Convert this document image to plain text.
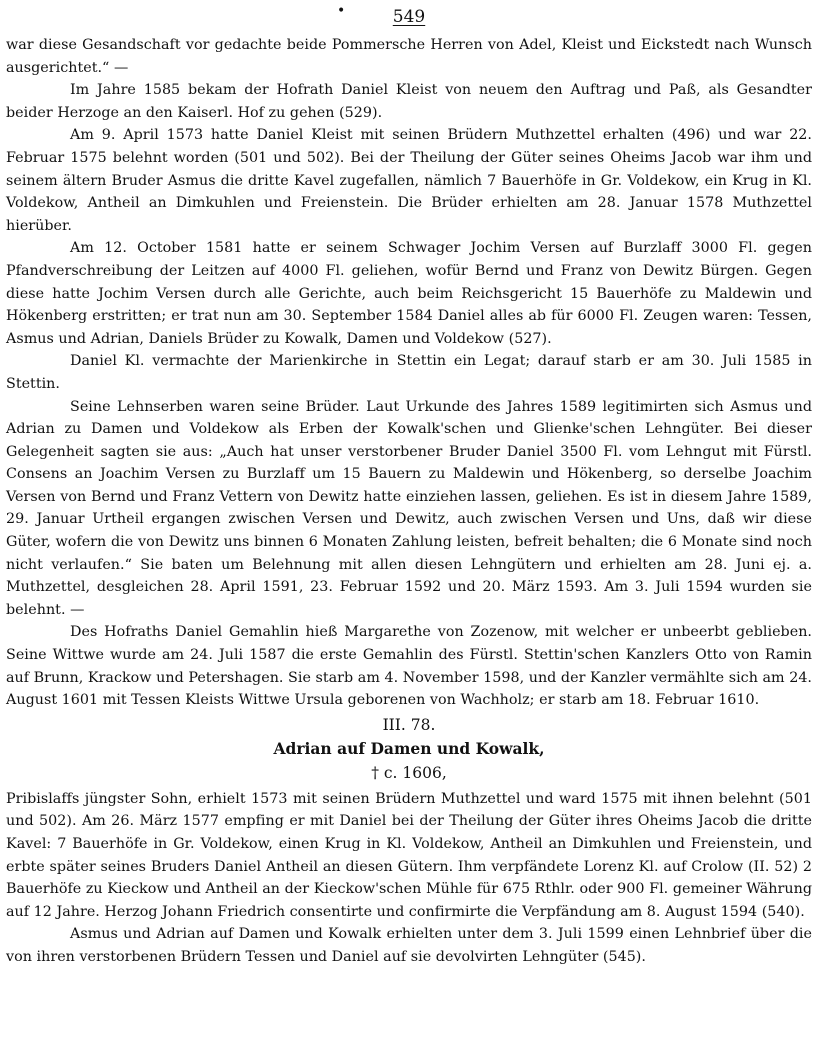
•	549

war diese Gesandschaft vor gedachte beide Pommersche Herren von Adel, Kleist und Eickstedt nach Wunsch ausgerichtet.“ —

Im Jahre 1585 bekam der Hofrath Daniel Kleist von neuem den Auftrag und Paß, als Gesandter beider Herzoge an den Kaiserl. Hof zu gehen (529).

Am 9. April 1573 hatte Daniel Kleist mit seinen Brüdern Muthzettel erhalten (496) und war 22. Februar 1575 belehnt worden (501 und 502). Bei der Theilung der Güter seines Oheims Jacob war ihm und seinem ältern Bruder Asmus die dritte Kavel zugefallen, nämlich 7 Bauerhöfe in Gr. Voldekow, ein Krug in Kl. Voldekow, Antheil an Dimkuhlen und Freienstein. Die Brüder erhielten am 28. Januar 1578 Muthzettel hierüber.

Am 12. October 1581 hatte er seinem Schwager Jochim Versen auf Burzlaff 3000 Fl. gegen Pfandverschreibung der Leitzen auf 4000 Fl. geliehen, wofür Bernd und Franz von Dewitz Bürgen. Gegen diese hatte Jochim Versen durch alle Gerichte, auch beim Reichsgericht 15 Bauerhöfe zu Maldewin und Hökenberg erstritten; er trat nun am 30. September 1584 Daniel alles ab für 6000 Fl. Zeugen waren: Tessen, Asmus und Adrian, Daniels Brüder zu Kowalk, Damen und Voldekow (527).

Daniel Kl. vermachte der Marienkirche in Stettin ein Legat; darauf starb er am 30. Juli 1585 in Stettin.

Seine Lehnserben waren seine Brüder. Laut Urkunde des Jahres 1589 legitimirten sich Asmus und Adrian zu Damen und Voldekow als Erben der Kowalk'schen und Glienke'schen Lehngüter. Bei dieser Gelegenheit sagten sie aus: „Auch hat unser verstorbener Bruder Daniel 3500 Fl. vom Lehngut mit Fürstl. Consens an Joachim Versen zu Burzlaff um 15 Bauern zu Maldewin und Hökenberg, so derselbe Joachim Versen von Bernd und Franz Vettern von Dewitz hatte einziehen lassen, geliehen. Es ist in diesem Jahre 1589, 29. Januar Urtheil ergangen zwischen Versen und Dewitz, auch zwischen Versen und Uns, daß wir diese Güter, wofern die von Dewitz uns binnen 6 Monaten Zahlung leisten, befreit behalten; die 6 Monate sind noch nicht verlaufen.“ Sie baten um Belehnung mit allen diesen Lehngütern und erhielten am 28. Juni ej. a. Muthzettel, desgleichen 28. April 1591, 23. Februar 1592 und 20. März 1593. Am 3. Juli 1594 wurden sie belehnt. —

Des Hofraths Daniel Gemahlin hieß Margarethe von Zozenow, mit welcher er unbeerbt geblieben. Seine Wittwe wurde am 24. Juli 1587 die erste Gemahlin des Fürstl. Stettin'schen Kanzlers Otto von Ramin auf Brunn, Krackow und Petershagen. Sie starb am 4. November 1598, und der Kanzler vermählte sich am 24. August 1601 mit Tessen Kleists Wittwe Ursula geborenen von Wachholz; er starb am 18. Februar 1610.

III. 78.
Adrian auf Damen und Kowalk,
† c. 1606,

Pribislaffs jüngster Sohn, erhielt 1573 mit seinen Brüdern Muthzettel und ward 1575 mit ihnen belehnt (501 und 502). Am 26. März 1577 empfing er mit Daniel bei der Theilung der Güter ihres Oheims Jacob die dritte Kavel: 7 Bauerhöfe in Gr. Voldekow, einen Krug in Kl. Voldekow, Antheil an Dimkuhlen und Freienstein, und erbte später seines Bruders Daniel Antheil an diesen Gütern. Ihm verpfändete Lorenz Kl. auf Crolow (II. 52) 2 Bauerhöfe zu Kieckow und Antheil an der Kieckow'schen Mühle für 675 Rthlr. oder 900 Fl. gemeiner Währung auf 12 Jahre. Herzog Johann Friedrich consentirte und confirmirte die Verpfändung am 8. August 1594 (540).

Asmus und Adrian auf Damen und Kowalk erhielten unter dem 3. Juli 1599 einen Lehnbrief über die von ihren verstorbenen Brüdern Tessen und Daniel auf sie devolvirten Lehngüter (545).
